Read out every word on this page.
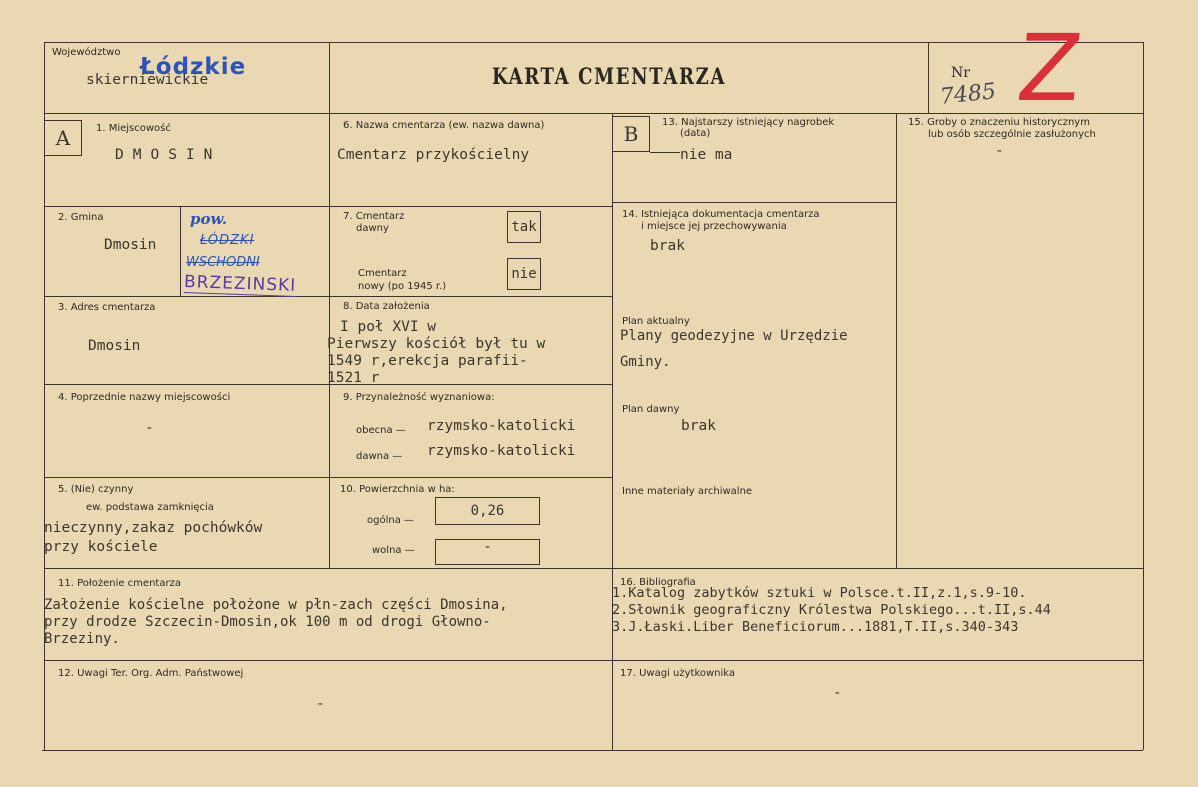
A	B
Województwo
Łódzkie
skierniewickie	KARTA CMENTARZA	Nr
7485 Z
1. Miejscowość
DMOSIN
2. Gmina
Dmosin
pow.
ŁÓDZKI
WSCHODNI
BRZEZINSKI
3. Adres cmentarza
Dmosin
4. Poprzednie nazwy miejscowości
-
5. (Nie) czynny
ew. podstawa zamknięcia
nieczynny,zakaz pochówków
przy kościele
6. Nazwa cmentarza (ew. nazwa dawna)
Cmentarz przykościelny
7. Cmentarz
dawny	tak
Cmentarz
nowy (po 1945 r.)
nie
8. Data założenia
I poł XVI w
Pierwszy kościół był tu w
1549 r,erekcja parafii-
1521 r
9. Przynależność wyznaniowa:
obecna — rzymsko-katolicki
dawna — rzymsko-katolicki
10. Powierzchnia w ha:
ogólna —
0,26
wolna —	-
11. Położenie cmentarza
Założenie kościelne położone w płn-zach części Dmosina,
przy drodze Szczecin-Dmosin,ok 100 m od drogi Głowno-
Brzeziny.
12. Uwagi Ter. Org. Adm. Państwowej
-
13. Najstarszy istniejący nagrobek
(data)
nie ma
14. Istniejąca dokumentacja cmentarza
i miejsce jej przechowywania
brak
Plan aktualny
Plany geodezyjne w Urzędzie
Gminy.
Plan dawny
brak
Inne materiały archiwalne
15. Groby o znaczeniu historycznym
lub osób szczególnie zasłużonych
-
16. Bibliografia
1.Katalog zabytków sztuki w Polsce.t.II,z.1,s.9-10.
2.Słownik geograficzny Królestwa Polskiego...t.II,s.44
3.J.Łaski.Liber Beneficiorum...1881,T.II,s.340-343
17. Uwagi użytkownika
-
